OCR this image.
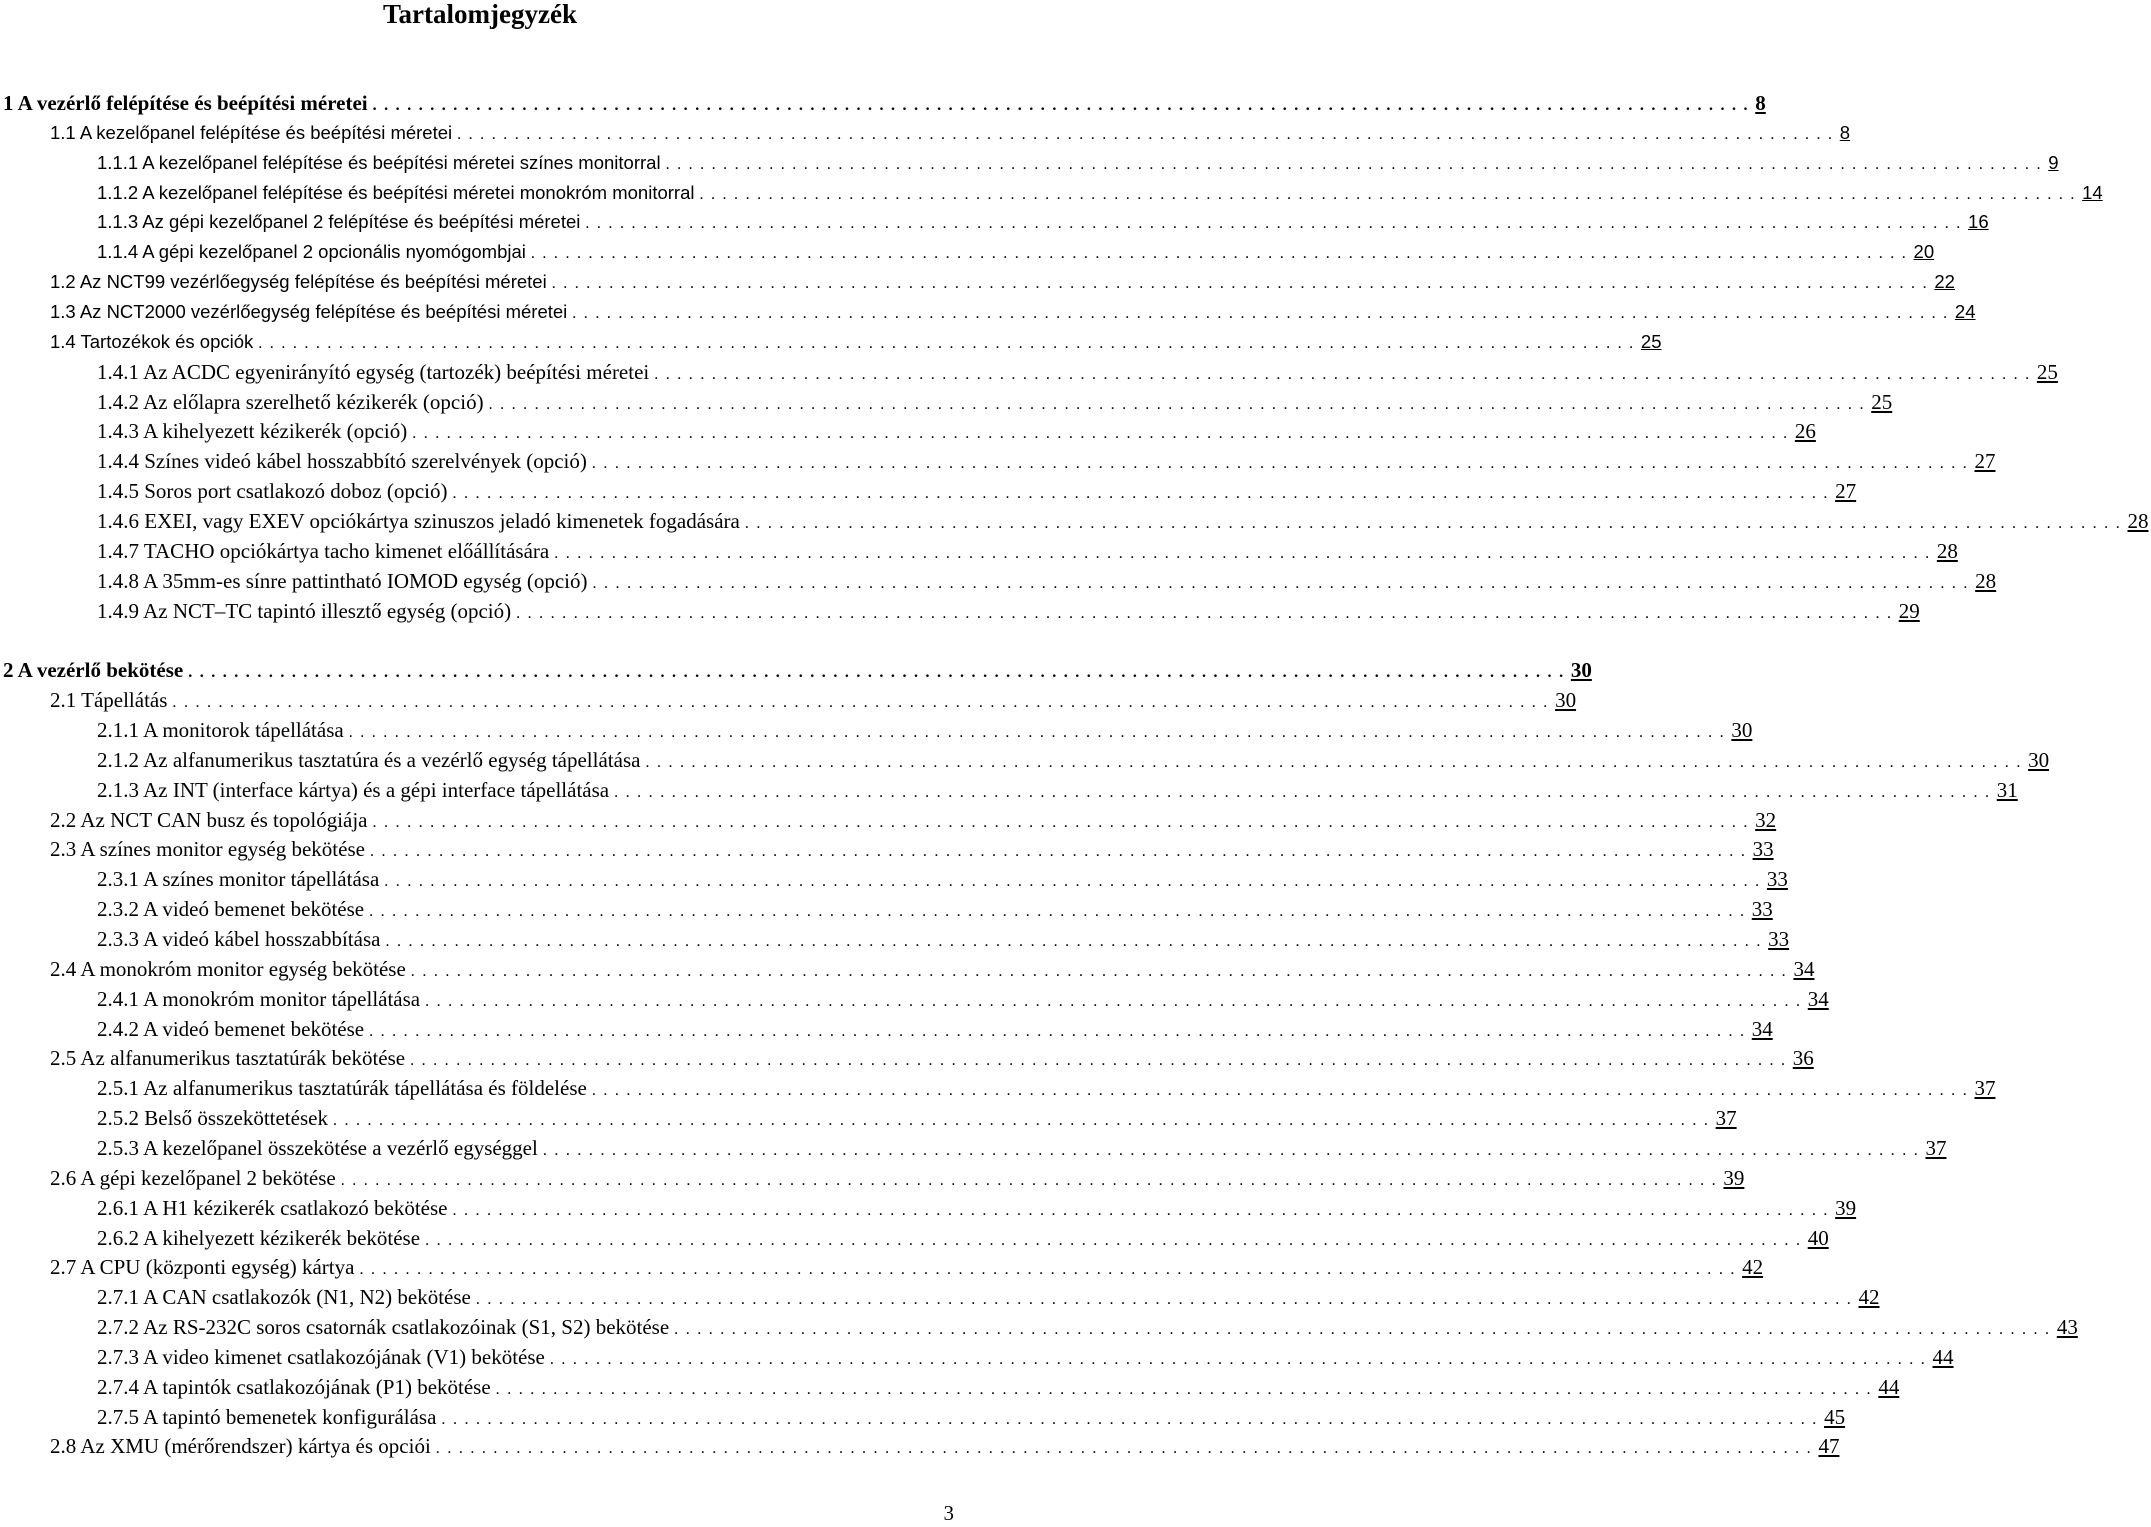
Tartalomjegyzék
1 A vezérlő felépítése és beépítési méretei . . . . . . . . . . . . . . . . . . . . . . . . . . . . . . . . . . . . . . . . . . . . . . . . . . . . . . . . . . . . . . . . . . . . . . . . . . . . . . . . . . . . . . . . . . . . . . . . . . . . . . . . . . . . . . . . . . . . . . . . 8
1.1 A kezelőpanel felépítése és beépítési méretei . . . . . . . . . . . . . . . . . . . . . . . . . . . . . . . . . . . . . . . . . . . . . . . . . . . . . . . . . . . . . . . . . . . . . . . . . . . . . . . . . . . . . . . . . . . . . . . . . . . . . . . . . . . . . . . . . . . . . . . . 8
1.1.1 A kezelőpanel felépítése és beépítési méretei színes monitorral . . . . . . . . . . . . . . . . . . . . . . . . . . . . . . . . . . . . . . . . . . . . . . . . . . . . . . . . . . . . . . . . . . . . . . . . . . . . . . . . . . . . . . . . . . . . . . . . . . . . . . . . . . . . . . . . . . . . . . . . 9
1.1.2 A kezelőpanel felépítése és beépítési méretei monokróm monitorral . . . . . . . . . . . . . . . . . . . . . . . . . . . . . . . . . . . . . . . . . . . . . . . . . . . . . . . . . . . . . . . . . . . . . . . . . . . . . . . . . . . . . . . . . . . . . . . . . . . . . . . . . . . . . . . . . . . . . . . . 14
1.1.3 Az gépi kezelőpanel 2 felépítése és beépítési méretei . . . . . . . . . . . . . . . . . . . . . . . . . . . . . . . . . . . . . . . . . . . . . . . . . . . . . . . . . . . . . . . . . . . . . . . . . . . . . . . . . . . . . . . . . . . . . . . . . . . . . . . . . . . . . . . . . . . . . . . . 16
1.1.4 A gépi kezelőpanel 2 opcionális nyomógombjai . . . . . . . . . . . . . . . . . . . . . . . . . . . . . . . . . . . . . . . . . . . . . . . . . . . . . . . . . . . . . . . . . . . . . . . . . . . . . . . . . . . . . . . . . . . . . . . . . . . . . . . . . . . . . . . . . . . . . . . . 20
1.2 Az NCT99 vezérlőegység felépítése és beépítési méretei . . . . . . . . . . . . . . . . . . . . . . . . . . . . . . . . . . . . . . . . . . . . . . . . . . . . . . . . . . . . . . . . . . . . . . . . . . . . . . . . . . . . . . . . . . . . . . . . . . . . . . . . . . . . . . . . . . . . . . . . 22
1.3 Az NCT2000 vezérlőegység felépítése és beépítési méretei . . . . . . . . . . . . . . . . . . . . . . . . . . . . . . . . . . . . . . . . . . . . . . . . . . . . . . . . . . . . . . . . . . . . . . . . . . . . . . . . . . . . . . . . . . . . . . . . . . . . . . . . . . . . . . . . . . . . . . . . 24
1.4 Tartozékok és opciók . . . . . . . . . . . . . . . . . . . . . . . . . . . . . . . . . . . . . . . . . . . . . . . . . . . . . . . . . . . . . . . . . . . . . . . . . . . . . . . . . . . . . . . . . . . . . . . . . . . . . . . . . . . . . . . . . . . . . . . . 25
1.4.1 Az ACDC egyenirányító egység (tartozék) beépítési méretei . . . . . . . . . . . . . . . . . . . . . . . . . . . . . . . . . . . . . . . . . . . . . . . . . . . . . . . . . . . . . . . . . . . . . . . . . . . . . . . . . . . . . . . . . . . . . . . . . . . . . . . . . . . . . . . . . . . . . . . . 25
1.4.2 Az előlapra szerelhető kézikerék (opció) . . . . . . . . . . . . . . . . . . . . . . . . . . . . . . . . . . . . . . . . . . . . . . . . . . . . . . . . . . . . . . . . . . . . . . . . . . . . . . . . . . . . . . . . . . . . . . . . . . . . . . . . . . . . . . . . . . . . . . . . 25
1.4.3 A kihelyezett kézikerék (opció) . . . . . . . . . . . . . . . . . . . . . . . . . . . . . . . . . . . . . . . . . . . . . . . . . . . . . . . . . . . . . . . . . . . . . . . . . . . . . . . . . . . . . . . . . . . . . . . . . . . . . . . . . . . . . . . . . . . . . . . . 26
1.4.4 Színes videó kábel hosszabbító szerelvények (opció) . . . . . . . . . . . . . . . . . . . . . . . . . . . . . . . . . . . . . . . . . . . . . . . . . . . . . . . . . . . . . . . . . . . . . . . . . . . . . . . . . . . . . . . . . . . . . . . . . . . . . . . . . . . . . . . . . . . . . . . . 27
1.4.5 Soros port csatlakozó doboz (opció) . . . . . . . . . . . . . . . . . . . . . . . . . . . . . . . . . . . . . . . . . . . . . . . . . . . . . . . . . . . . . . . . . . . . . . . . . . . . . . . . . . . . . . . . . . . . . . . . . . . . . . . . . . . . . . . . . . . . . . . . 27
1.4.6 EXEI, vagy EXEV opciókártya szinuszos jeladó kimenetek fogadására . . . . . . . . . . . . . . . . . . . . . . . . . . . . . . . . . . . . . . . . . . . . . . . . . . . . . . . . . . . . . . . . . . . . . . . . . . . . . . . . . . . . . . . . . . . . . . . . . . . . . . . . . . . . . . . . . . . . . . . . 28
1.4.7 TACHO opciókártya tacho kimenet előállítására . . . . . . . . . . . . . . . . . . . . . . . . . . . . . . . . . . . . . . . . . . . . . . . . . . . . . . . . . . . . . . . . . . . . . . . . . . . . . . . . . . . . . . . . . . . . . . . . . . . . . . . . . . . . . . . . . . . . . . . . 28
1.4.8 A 35mm-es sínre pattintható IOMOD egység (opció) . . . . . . . . . . . . . . . . . . . . . . . . . . . . . . . . . . . . . . . . . . . . . . . . . . . . . . . . . . . . . . . . . . . . . . . . . . . . . . . . . . . . . . . . . . . . . . . . . . . . . . . . . . . . . . . . . . . . . . . . 28
1.4.9 Az NCT–TC tapintó illesztő egység (opció) . . . . . . . . . . . . . . . . . . . . . . . . . . . . . . . . . . . . . . . . . . . . . . . . . . . . . . . . . . . . . . . . . . . . . . . . . . . . . . . . . . . . . . . . . . . . . . . . . . . . . . . . . . . . . . . . . . . . . . . . 29
2 A vezérlő bekötése . . . . . . . . . . . . . . . . . . . . . . . . . . . . . . . . . . . . . . . . . . . . . . . . . . . . . . . . . . . . . . . . . . . . . . . . . . . . . . . . . . . . . . . . . . . . . . . . . . . . . . . . . . . . . . . . . . . . . . . . 30
2.1 Tápellátás . . . . . . . . . . . . . . . . . . . . . . . . . . . . . . . . . . . . . . . . . . . . . . . . . . . . . . . . . . . . . . . . . . . . . . . . . . . . . . . . . . . . . . . . . . . . . . . . . . . . . . . . . . . . . . . . . . . . . . . . 30
2.1.1 A monitorok tápellátása . . . . . . . . . . . . . . . . . . . . . . . . . . . . . . . . . . . . . . . . . . . . . . . . . . . . . . . . . . . . . . . . . . . . . . . . . . . . . . . . . . . . . . . . . . . . . . . . . . . . . . . . . . . . . . . . . . . . . . . . 30
2.1.2 Az alfanumerikus tasztatúra és a vezérlő egység tápellátása . . . . . . . . . . . . . . . . . . . . . . . . . . . . . . . . . . . . . . . . . . . . . . . . . . . . . . . . . . . . . . . . . . . . . . . . . . . . . . . . . . . . . . . . . . . . . . . . . . . . . . . . . . . . . . . . . . . . . . . . 30
2.1.3 Az INT (interface kártya) és a gépi interface tápellátása . . . . . . . . . . . . . . . . . . . . . . . . . . . . . . . . . . . . . . . . . . . . . . . . . . . . . . . . . . . . . . . . . . . . . . . . . . . . . . . . . . . . . . . . . . . . . . . . . . . . . . . . . . . . . . . . . . . . . . . . 31
2.2 Az NCT CAN busz és topológiája . . . . . . . . . . . . . . . . . . . . . . . . . . . . . . . . . . . . . . . . . . . . . . . . . . . . . . . . . . . . . . . . . . . . . . . . . . . . . . . . . . . . . . . . . . . . . . . . . . . . . . . . . . . . . . . . . . . . . . . . 32
2.3 A színes monitor egység bekötése . . . . . . . . . . . . . . . . . . . . . . . . . . . . . . . . . . . . . . . . . . . . . . . . . . . . . . . . . . . . . . . . . . . . . . . . . . . . . . . . . . . . . . . . . . . . . . . . . . . . . . . . . . . . . . . . . . . . . . . . 33
2.3.1 A színes monitor tápellátása . . . . . . . . . . . . . . . . . . . . . . . . . . . . . . . . . . . . . . . . . . . . . . . . . . . . . . . . . . . . . . . . . . . . . . . . . . . . . . . . . . . . . . . . . . . . . . . . . . . . . . . . . . . . . . . . . . . . . . . . 33
2.3.2 A videó bemenet bekötése . . . . . . . . . . . . . . . . . . . . . . . . . . . . . . . . . . . . . . . . . . . . . . . . . . . . . . . . . . . . . . . . . . . . . . . . . . . . . . . . . . . . . . . . . . . . . . . . . . . . . . . . . . . . . . . . . . . . . . . . 33
2.3.3 A videó kábel hosszabbítása . . . . . . . . . . . . . . . . . . . . . . . . . . . . . . . . . . . . . . . . . . . . . . . . . . . . . . . . . . . . . . . . . . . . . . . . . . . . . . . . . . . . . . . . . . . . . . . . . . . . . . . . . . . . . . . . . . . . . . . . 33
2.4 A monokróm monitor egység bekötése . . . . . . . . . . . . . . . . . . . . . . . . . . . . . . . . . . . . . . . . . . . . . . . . . . . . . . . . . . . . . . . . . . . . . . . . . . . . . . . . . . . . . . . . . . . . . . . . . . . . . . . . . . . . . . . . . . . . . . . . 34
2.4.1 A monokróm monitor tápellátása . . . . . . . . . . . . . . . . . . . . . . . . . . . . . . . . . . . . . . . . . . . . . . . . . . . . . . . . . . . . . . . . . . . . . . . . . . . . . . . . . . . . . . . . . . . . . . . . . . . . . . . . . . . . . . . . . . . . . . . . 34
2.4.2 A videó bemenet bekötése . . . . . . . . . . . . . . . . . . . . . . . . . . . . . . . . . . . . . . . . . . . . . . . . . . . . . . . . . . . . . . . . . . . . . . . . . . . . . . . . . . . . . . . . . . . . . . . . . . . . . . . . . . . . . . . . . . . . . . . . 34
2.5 Az alfanumerikus tasztatúrák bekötése . . . . . . . . . . . . . . . . . . . . . . . . . . . . . . . . . . . . . . . . . . . . . . . . . . . . . . . . . . . . . . . . . . . . . . . . . . . . . . . . . . . . . . . . . . . . . . . . . . . . . . . . . . . . . . . . . . . . . . . . 36
2.5.1 Az alfanumerikus tasztatúrák tápellátása és földelése . . . . . . . . . . . . . . . . . . . . . . . . . . . . . . . . . . . . . . . . . . . . . . . . . . . . . . . . . . . . . . . . . . . . . . . . . . . . . . . . . . . . . . . . . . . . . . . . . . . . . . . . . . . . . . . . . . . . . . . . 37
2.5.2 Belső összeköttetések . . . . . . . . . . . . . . . . . . . . . . . . . . . . . . . . . . . . . . . . . . . . . . . . . . . . . . . . . . . . . . . . . . . . . . . . . . . . . . . . . . . . . . . . . . . . . . . . . . . . . . . . . . . . . . . . . . . . . . . . 37
2.5.3 A kezelőpanel összekötése a vezérlő egységgel . . . . . . . . . . . . . . . . . . . . . . . . . . . . . . . . . . . . . . . . . . . . . . . . . . . . . . . . . . . . . . . . . . . . . . . . . . . . . . . . . . . . . . . . . . . . . . . . . . . . . . . . . . . . . . . . . . . . . . . . 37
2.6 A gépi kezelőpanel 2 bekötése . . . . . . . . . . . . . . . . . . . . . . . . . . . . . . . . . . . . . . . . . . . . . . . . . . . . . . . . . . . . . . . . . . . . . . . . . . . . . . . . . . . . . . . . . . . . . . . . . . . . . . . . . . . . . . . . . . . . . . . . 39
2.6.1 A H1 kézikerék csatlakozó bekötése . . . . . . . . . . . . . . . . . . . . . . . . . . . . . . . . . . . . . . . . . . . . . . . . . . . . . . . . . . . . . . . . . . . . . . . . . . . . . . . . . . . . . . . . . . . . . . . . . . . . . . . . . . . . . . . . . . . . . . . . 39
2.6.2 A kihelyezett kézikerék bekötése . . . . . . . . . . . . . . . . . . . . . . . . . . . . . . . . . . . . . . . . . . . . . . . . . . . . . . . . . . . . . . . . . . . . . . . . . . . . . . . . . . . . . . . . . . . . . . . . . . . . . . . . . . . . . . . . . . . . . . . . 40
2.7 A CPU (központi egység) kártya . . . . . . . . . . . . . . . . . . . . . . . . . . . . . . . . . . . . . . . . . . . . . . . . . . . . . . . . . . . . . . . . . . . . . . . . . . . . . . . . . . . . . . . . . . . . . . . . . . . . . . . . . . . . . . . . . . . . . . . . 42
2.7.1 A CAN csatlakozók (N1, N2) bekötése . . . . . . . . . . . . . . . . . . . . . . . . . . . . . . . . . . . . . . . . . . . . . . . . . . . . . . . . . . . . . . . . . . . . . . . . . . . . . . . . . . . . . . . . . . . . . . . . . . . . . . . . . . . . . . . . . . . . . . . . 42
2.7.2 Az RS-232C soros csatornák csatlakozóinak (S1, S2) bekötése . . . . . . . . . . . . . . . . . . . . . . . . . . . . . . . . . . . . . . . . . . . . . . . . . . . . . . . . . . . . . . . . . . . . . . . . . . . . . . . . . . . . . . . . . . . . . . . . . . . . . . . . . . . . . . . . . . . . . . . . 43
2.7.3 A video kimenet csatlakozójának (V1) bekötése . . . . . . . . . . . . . . . . . . . . . . . . . . . . . . . . . . . . . . . . . . . . . . . . . . . . . . . . . . . . . . . . . . . . . . . . . . . . . . . . . . . . . . . . . . . . . . . . . . . . . . . . . . . . . . . . . . . . . . . . 44
2.7.4 A tapintók csatlakozójának (P1) bekötése . . . . . . . . . . . . . . . . . . . . . . . . . . . . . . . . . . . . . . . . . . . . . . . . . . . . . . . . . . . . . . . . . . . . . . . . . . . . . . . . . . . . . . . . . . . . . . . . . . . . . . . . . . . . . . . . . . . . . . . . 44
2.7.5 A tapintó bemenetek konfigurálása . . . . . . . . . . . . . . . . . . . . . . . . . . . . . . . . . . . . . . . . . . . . . . . . . . . . . . . . . . . . . . . . . . . . . . . . . . . . . . . . . . . . . . . . . . . . . . . . . . . . . . . . . . . . . . . . . . . . . . . . 45
2.8 Az XMU (mérőrendszer) kártya és opciói . . . . . . . . . . . . . . . . . . . . . . . . . . . . . . . . . . . . . . . . . . . . . . . . . . . . . . . . . . . . . . . . . . . . . . . . . . . . . . . . . . . . . . . . . . . . . . . . . . . . . . . . . . . . . . . . . . . . . . . . 47
3
